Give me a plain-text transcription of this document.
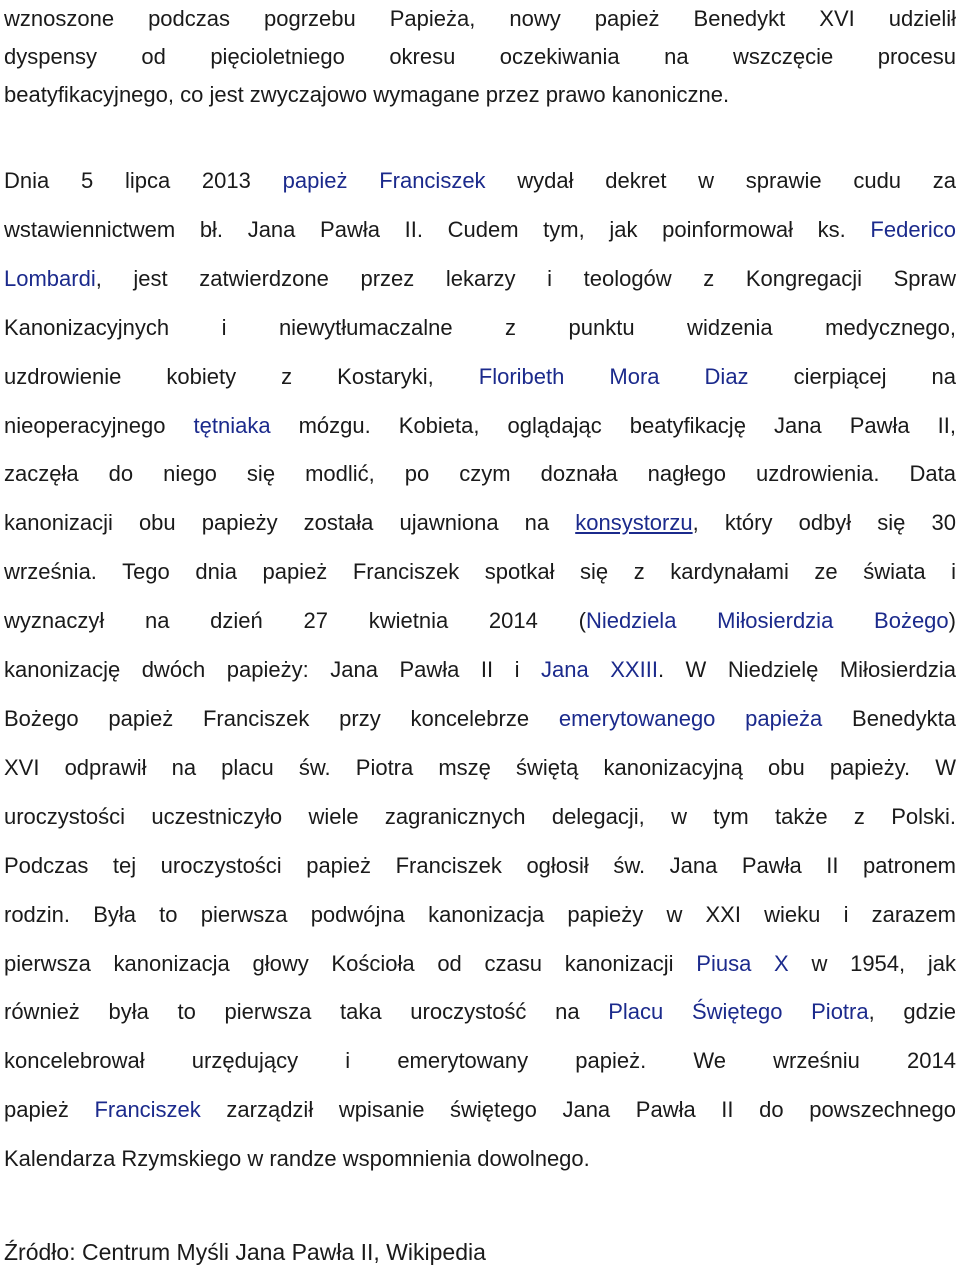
wznoszone podczas pogrzebu Papieża, nowy papież Benedykt XVI udzielił
dyspensy od pięcioletniego okresu oczekiwania na wszczęcie procesu
beatyfikacyjnego, co jest zwyczajowo wymagane przez prawo kanoniczne.
Dnia 5 lipca 2013 papież Franciszek wydał dekret w sprawie cudu za
wstawiennictwem bł. Jana Pawła II. Cudem tym, jak poinformował ks. Federico
Lombardi, jest zatwierdzone przez lekarzy i teologów z Kongregacji Spraw
Kanonizacyjnych i niewytłumaczalne z punktu widzenia medycznego,
uzdrowienie kobiety z Kostaryki, Floribeth Mora Diaz cierpiącej na
nieoperacyjnego tętniaka mózgu. Kobieta, oglądając beatyfikację Jana Pawła II,
zaczęła do niego się modlić, po czym doznała nagłego uzdrowienia. Data
kanonizacji obu papieży została ujawniona na konsystorzu, który odbył się 30
września. Tego dnia papież Franciszek spotkał się z kardynałami ze świata i
wyznaczył na dzień 27 kwietnia 2014 (Niedziela Miłosierdzia Bożego)
kanonizację dwóch papieży: Jana Pawła II i Jana XXIII. W Niedzielę Miłosierdzia
Bożego papież Franciszek przy koncelebrze emerytowanego papieża Benedykta
XVI odprawił na placu św. Piotra mszę świętą kanonizacyjną obu papieży. W
uroczystości uczestniczyło wiele zagranicznych delegacji, w tym także z Polski.
Podczas tej uroczystości papież Franciszek ogłosił św. Jana Pawła II patronem
rodzin. Była to pierwsza podwójna kanonizacja papieży w XXI wieku i zarazem
pierwsza kanonizacja głowy Kościoła od czasu kanonizacji Piusa X w 1954, jak
również była to pierwsza taka uroczystość na Placu Świętego Piotra, gdzie
koncelebrował urzędujący i emerytowany papież. We wrześniu 2014
papież Franciszek zarządził wpisanie świętego Jana Pawła II do powszechnego
Kalendarza Rzymskiego w randze wspomnienia dowolnego.
Źródło: Centrum Myśli Jana Pawła II, Wikipedia
